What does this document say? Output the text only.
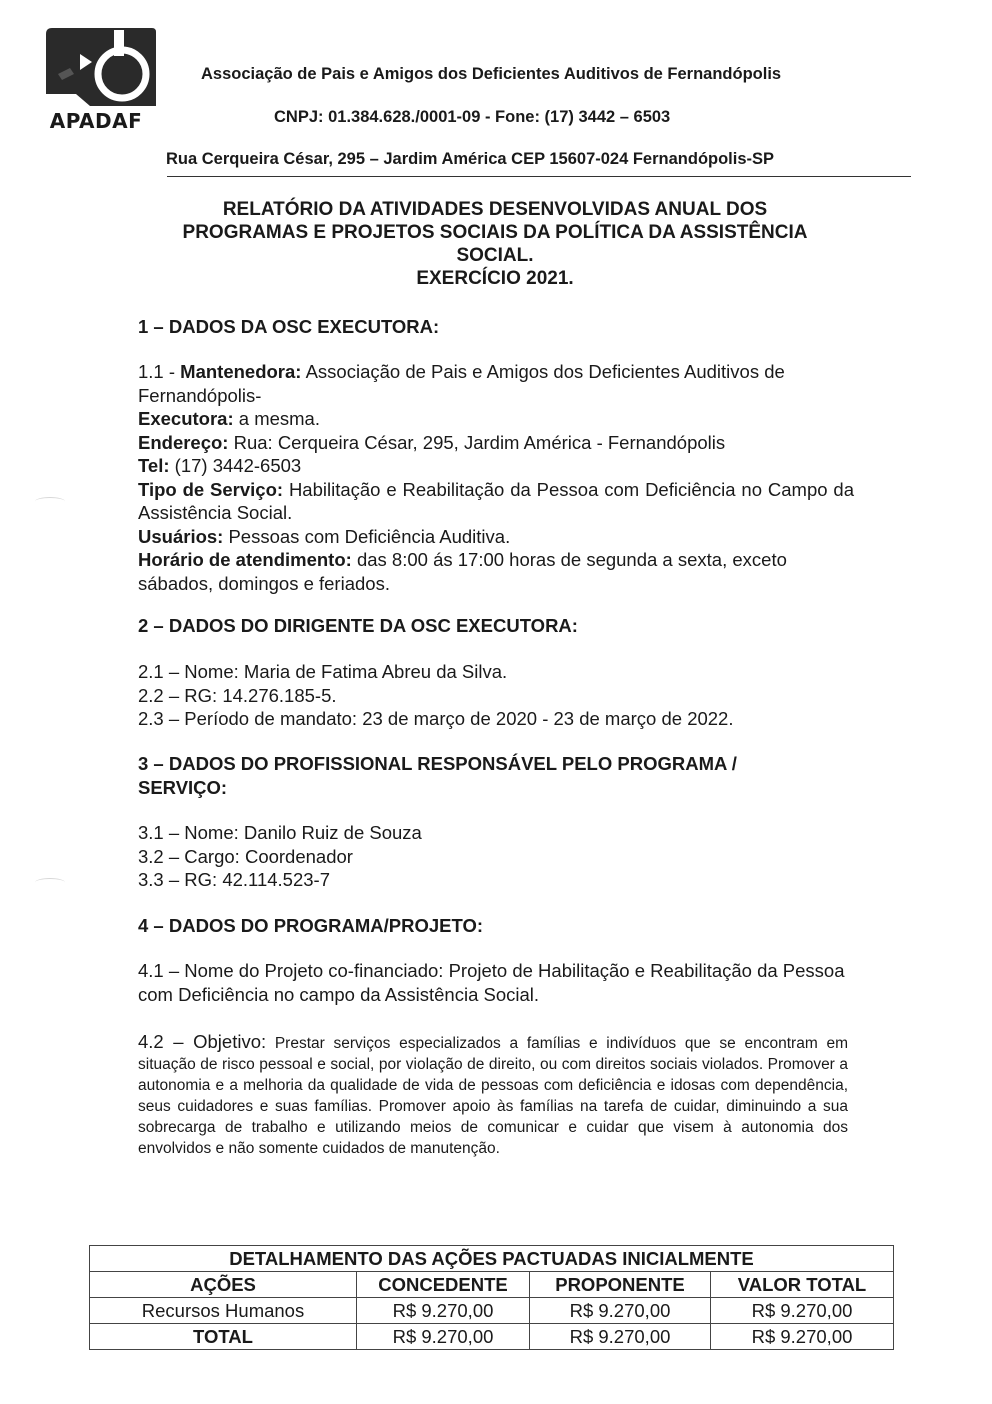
APADAF
Associação de Pais e Amigos dos Deficientes Auditivos de Fernandópolis
CNPJ: 01.384.628./0001-09 - Fone: (17) 3442 – 6503
Rua Cerqueira César, 295 – Jardim América CEP 15607-024 Fernandópolis-SP
RELATÓRIO DA ATIVIDADES DESENVOLVIDAS ANUAL DOS
PROGRAMAS E PROJETOS SOCIAIS DA POLÍTICA DA ASSISTÊNCIA
SOCIAL.
EXERCÍCIO 2021.
1 – DADOS DA OSC EXECUTORA:
1.1 - Mantenedora: Associação de Pais e Amigos dos Deficientes Auditivos de Fernandópolis-
Executora: a mesma.
Endereço: Rua: Cerqueira César, 295, Jardim América - Fernandópolis
Tel: (17) 3442-6503
Tipo de Serviço: Habilitação e Reabilitação da Pessoa com Deficiência no Campo da Assistência Social.
Usuários: Pessoas com Deficiência Auditiva.
Horário de atendimento: das 8:00 ás 17:00 horas de segunda a sexta, exceto sábados, domingos e feriados.
2 – DADOS DO DIRIGENTE DA OSC EXECUTORA:
2.1 – Nome: Maria de Fatima Abreu da Silva.
2.2 – RG: 14.276.185-5.
2.3 – Período de mandato: 23 de março de 2020 - 23 de março de 2022.
3 – DADOS DO PROFISSIONAL RESPONSÁVEL PELO PROGRAMA /
SERVIÇO:
3.1 – Nome: Danilo Ruiz de Souza
3.2 – Cargo: Coordenador
3.3 – RG: 42.114.523-7
4 – DADOS DO PROGRAMA/PROJETO:
4.1 – Nome do Projeto co-financiado: Projeto de Habilitação e Reabilitação da Pessoa com Deficiência no campo da Assistência Social.
4.2 – Objetivo: Prestar serviços especializados a famílias e indivíduos que se encontram em situação de risco pessoal e social, por violação de direito, ou com direitos sociais violados. Promover a autonomia e a melhoria da qualidade de vida de pessoas com deficiência e idosas com dependência, seus cuidadores e suas famílias. Promover apoio às famílias na tarefa de cuidar, diminuindo a sua sobrecarga de trabalho e utilizando meios de comunicar e cuidar que visem à autonomia dos envolvidos e não somente cuidados de manutenção.
DETALHAMENTO DAS AÇÕES PACTUADAS INICIALMENTE			
AÇÕES	CONCEDENTE	PROPONENTE	VALOR TOTAL
Recursos Humanos	R$ 9.270,00	R$ 9.270,00	R$ 9.270,00
TOTAL	R$ 9.270,00	R$ 9.270,00	R$ 9.270,00
